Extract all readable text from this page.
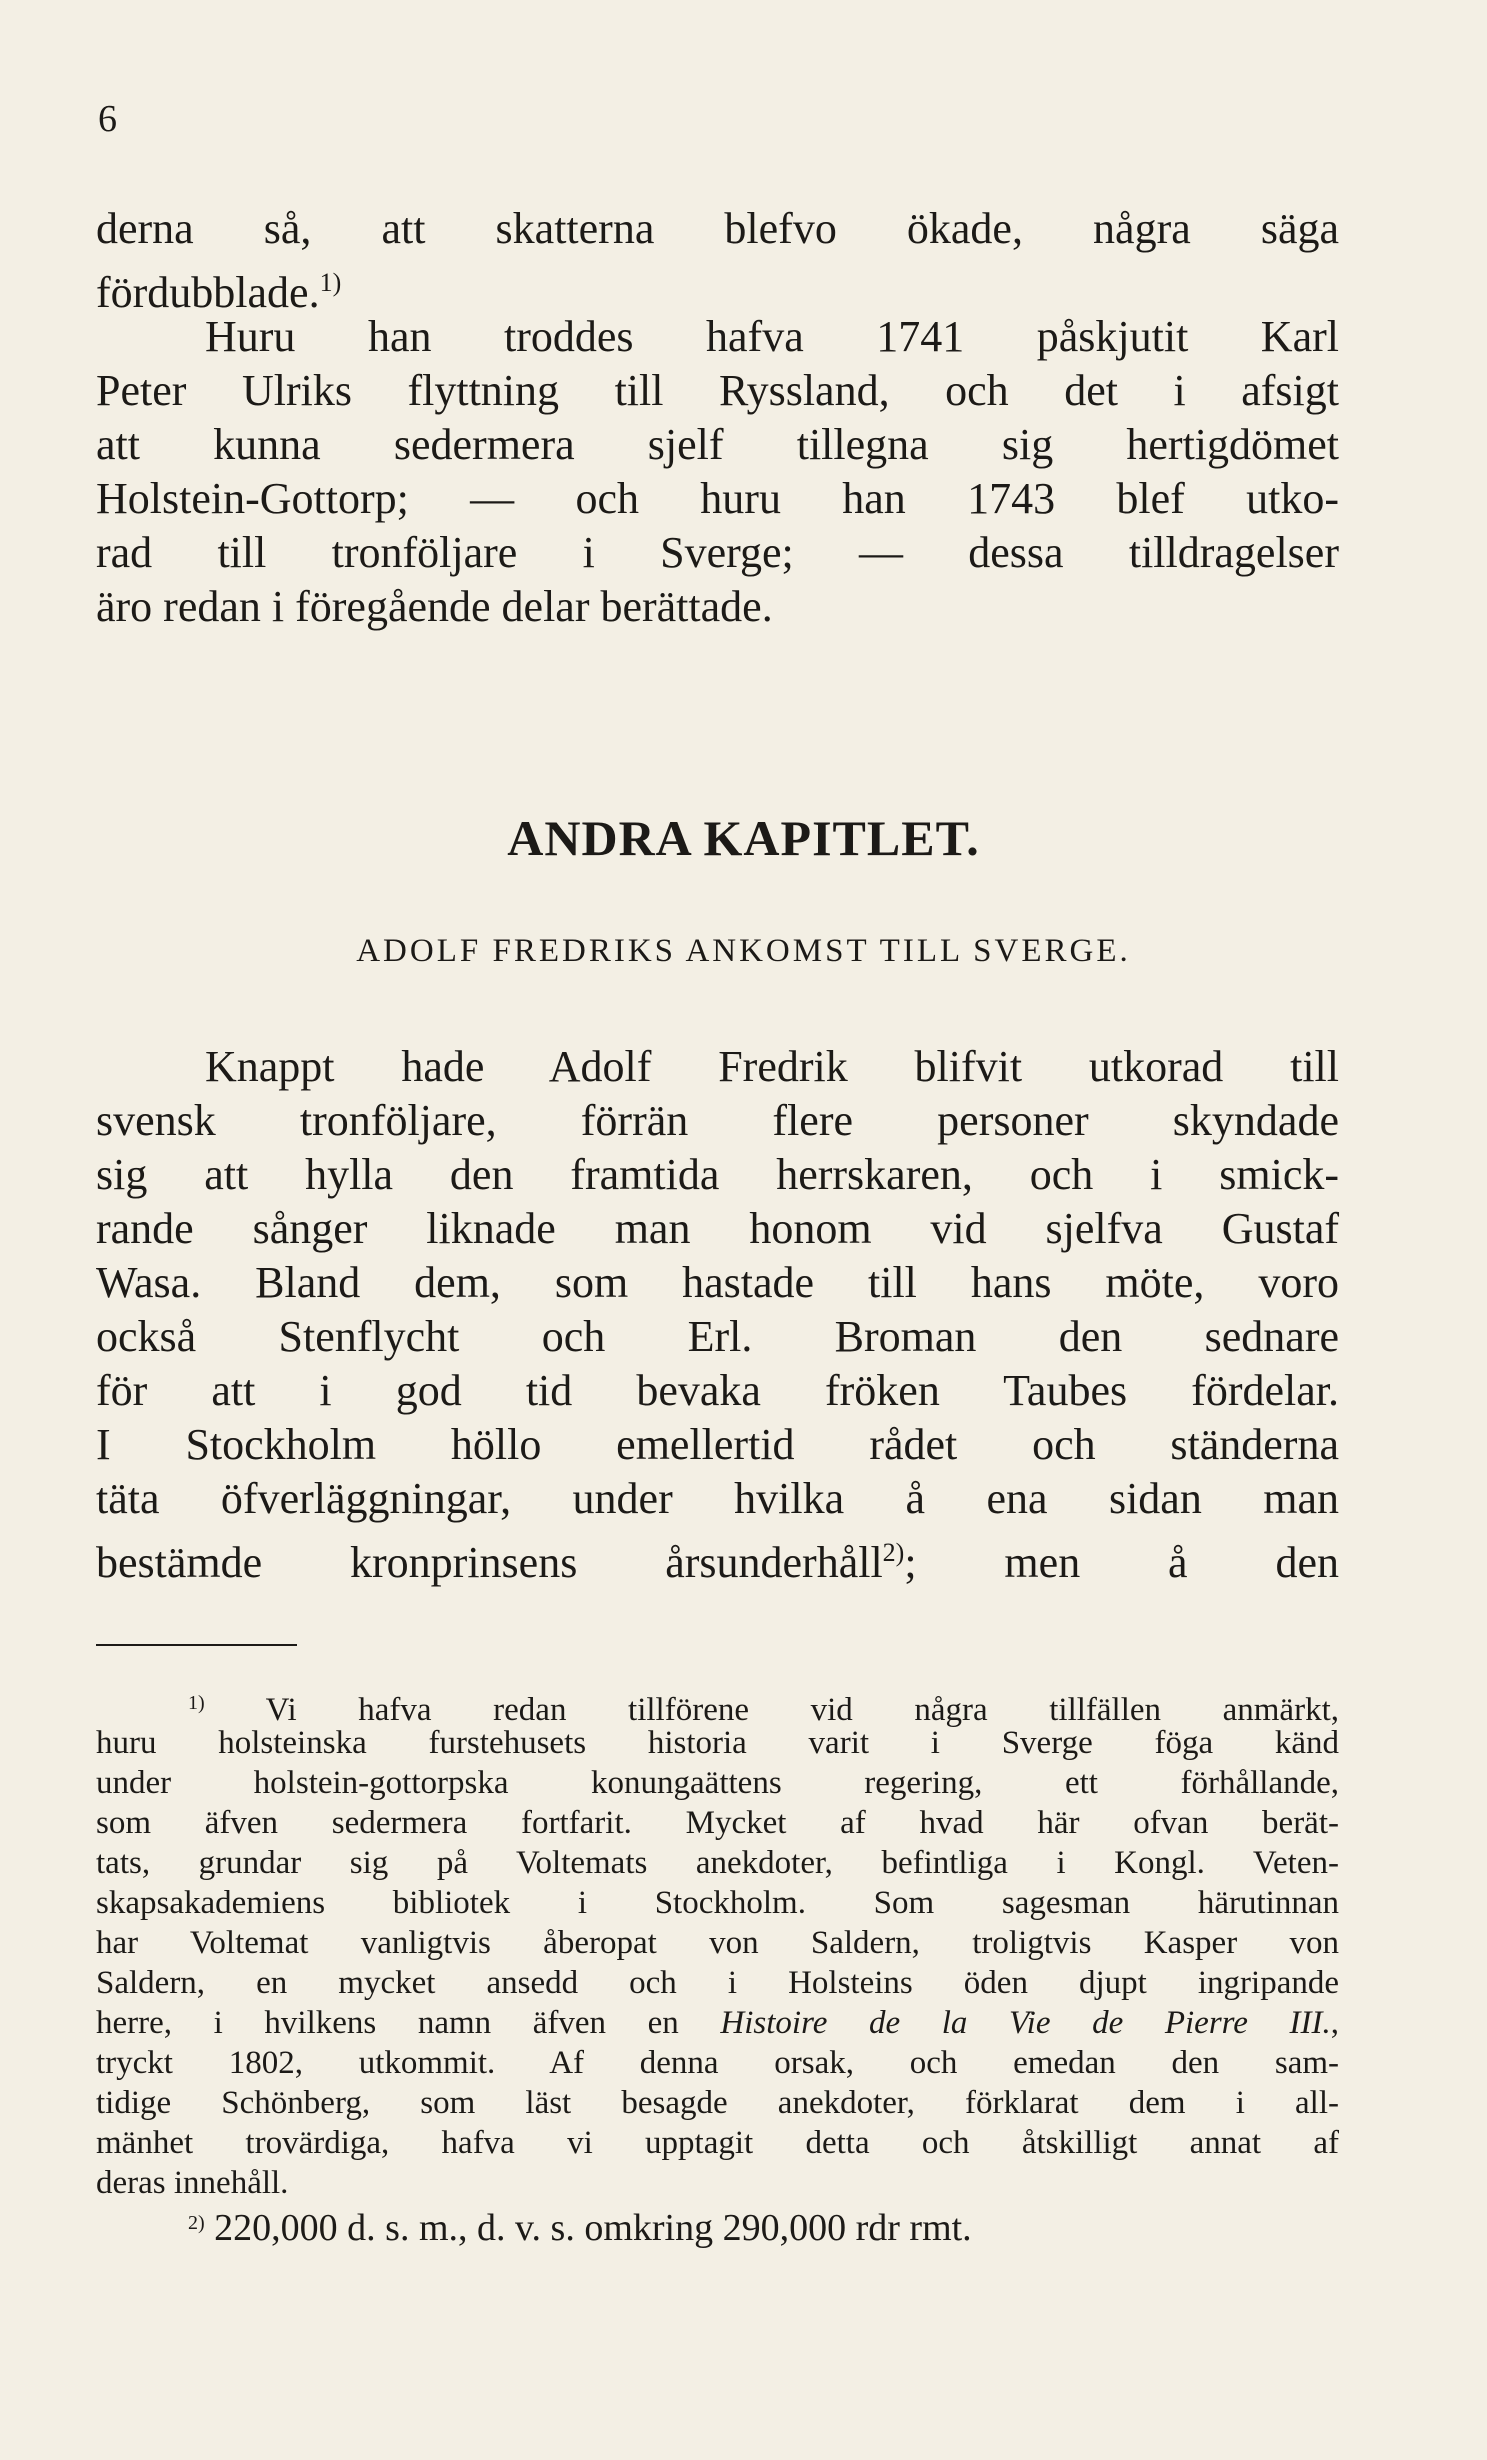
6
derna så, att skatterna blefvo ökade, några säga
fördubblade.$^{1)}$
Huru han troddes hafva 1741 påskjutit Karl
Peter Ulriks flyttning till Ryssland, och det i afsigt
att kunna sedermera sjelf tillegna sig hertigdömet
Holstein-Gottorp; — och huru han 1743 blef utko-
rad till tronföljare i Sverge; — dessa tilldragelser
äro redan i föregående delar berättade.
ANDRA KAPITLET.
ADOLF FREDRIKS ANKOMST TILL SVERGE.
Knappt hade Adolf Fredrik blifvit utkorad till
svensk tronföljare, förrän flere personer skyndade
sig att hylla den framtida herrskaren, och i smick-
rande sånger liknade man honom vid sjelfva Gustaf
Wasa. Bland dem, som hastade till hans möte, voro
också Stenflycht och Erl. Broman den sednare
för att i god tid bevaka fröken Taubes fördelar.
I Stockholm höllo emellertid rådet och ständerna
täta öfverläggningar, under hvilka å ena sidan man
bestämde kronprinsens årsunderhåll$^{2)}$; men å den
$^{1)}$ Vi hafva redan tillförene vid några tillfällen anmärkt,
huru holsteinska furstehusets historia varit i Sverge föga känd
under holstein-gottorpska konungaättens regering, ett förhållande,
som äfven sedermera fortfarit. Mycket af hvad här ofvan berät-
tats, grundar sig på Voltemats anekdoter, befintliga i Kongl. Veten-
skapsakademiens bibliotek i Stockholm. Som sagesman härutinnan
har Voltemat vanligtvis åberopat von Saldern, troligtvis Kasper von
Saldern, en mycket ansedd och i Holsteins öden djupt ingripande
herre, i hvilkens namn äfven en Histoire de la Vie de Pierre III.,
tryckt 1802, utkommit. Af denna orsak, och emedan den sam-
tidige Schönberg, som läst besagde anekdoter, förklarat dem i all-
mänhet trovärdiga, hafva vi upptagit detta och åtskilligt annat af
deras innehåll.
$^{2)}$ 220,000 d. s. m., d. v. s. omkring 290,000 rdr rmt.
